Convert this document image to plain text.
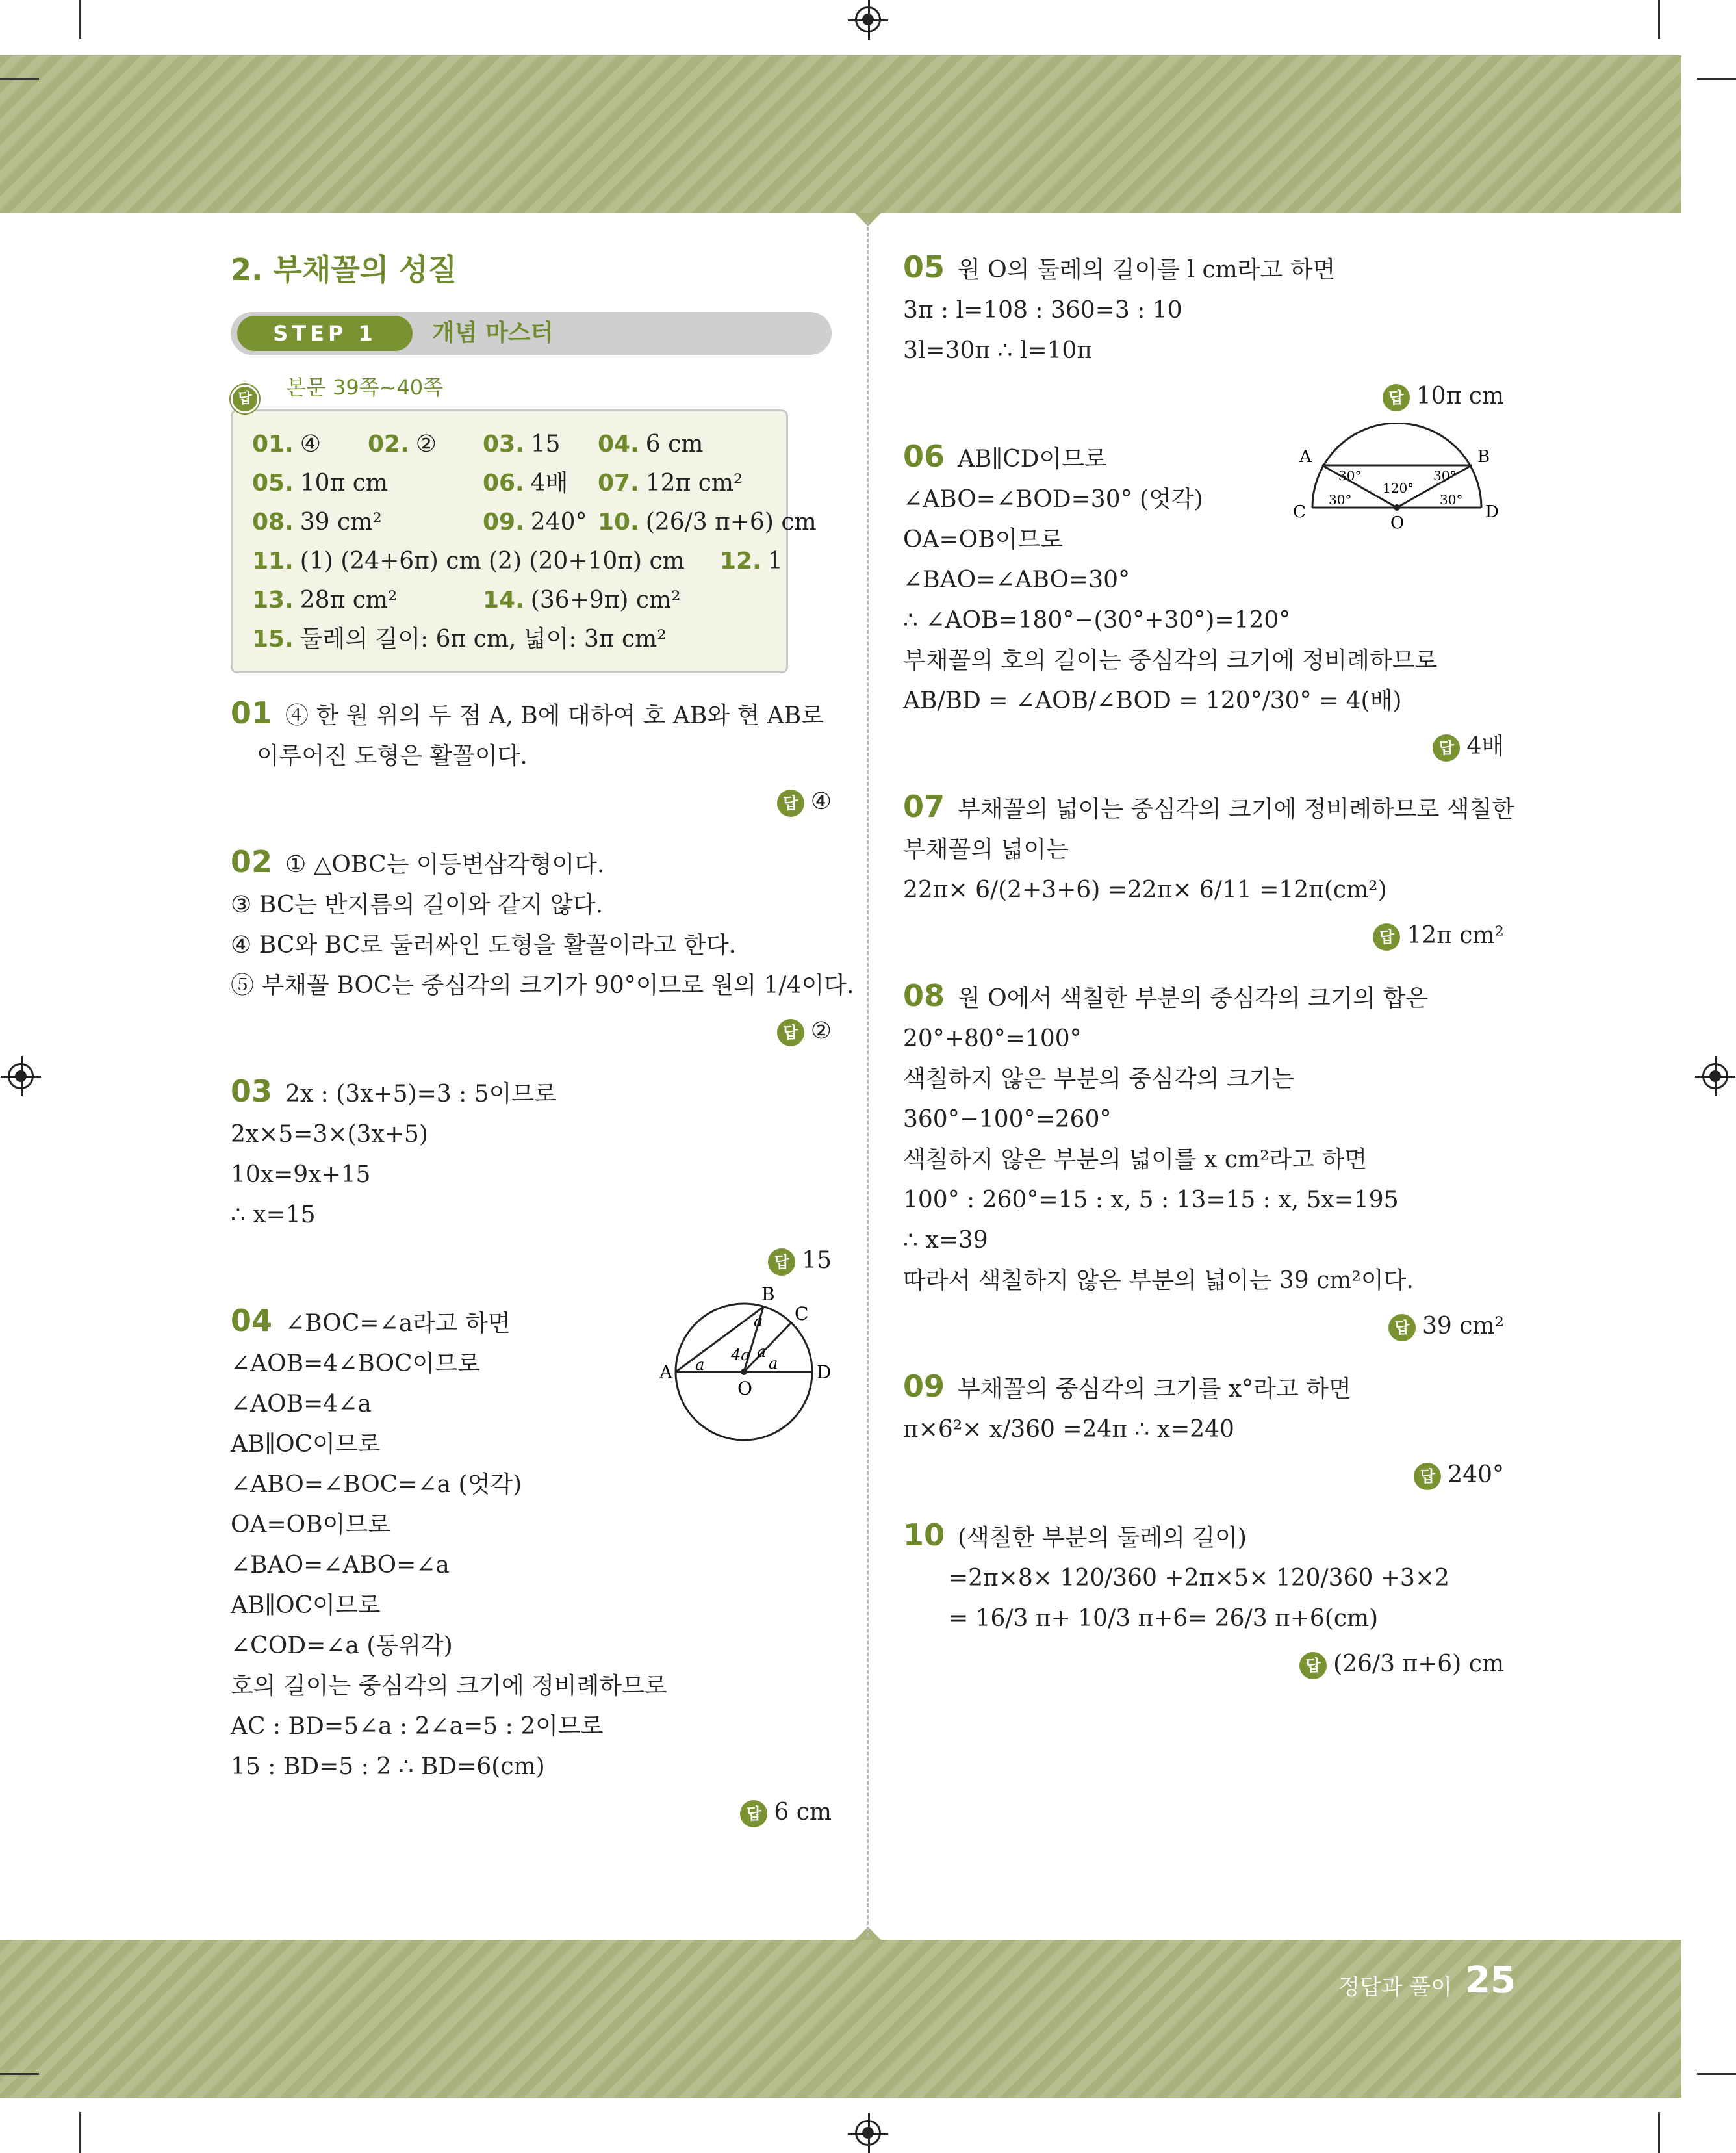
2. 부채꼴의 성질
STEP 1	개념 마스터
답	본문 39쪽~40쪽
01. ④ 02. ② 03. 15 04. 6 cm
05. 10π cm	06. 4배 07. 12π cm²
08. 39 cm²	09. 240° 10. (26/3 π+6) cm
11. (1) (24+6π) cm (2) (20+10π) cm 12. 1
13. 28π cm²	14. (36+9π) cm²
15. 둘레의 길이: 6π cm, 넓이: 3π cm²
01 ④ 한 원 위의 두 점 A, B에 대하여 호 AB와 현 AB로
이루어진 도형은 활꼴이다.
답 ④
02 ① △OBC는 이등변삼각형이다.
③ BC는 반지름의 길이와 같지 않다.
④ BC와 BC로 둘러싸인 도형을 활꼴이라고 한다.
⑤ 부채꼴 BOC는 중심각의 크기가 90°이므로 원의 1/4이다.
답 ②
03 2x : (3x+5)=3 : 5이므로
2x×5=3×(3x+5)
10x=9x+15
∴ x=15
답 15
04 ∠BOC=∠a라고 하면
∠AOB=4∠BOC이므로
∠AOB=4∠a
AB∥OC이므로
∠ABO=∠BOC=∠a (엇각)
OA=OB이므로
∠BAO=∠ABO=∠a
AB∥OC이므로
∠COD=∠a (동위각)
호의 길이는 중심각의 크기에 정비례하므로
AC : BD=5∠a : 2∠a=5 : 2이므로
15 : BD=5 : 2 ∴ BD=6(cm)
답 6 cm
A
B
C
D
O
a
a
4a a
a
05 원 O의 둘레의 길이를 l cm라고 하면
3π : l=108 : 360=3 : 10
3l=30π ∴ l=10π
답 10π cm
06 AB∥CD이므로
∠ABO=∠BOD=30° (엇각)
OA=OB이므로
∠BAO=∠ABO=30°
∴ ∠AOB=180°−(30°+30°)=120°
부채꼴의 호의 길이는 중심각의 크기에 정비례하므로
AB/BD = ∠AOB/∠BOD = 120°/30° = 4(배)
답 4배
A	B
C	D
O
30°	30°
30°	30°
120°
07 부채꼴의 넓이는 중심각의 크기에 정비례하므로 색칠한
부채꼴의 넓이는
22π× 6/(2+3+6) =22π× 6/11 =12π(cm²)
답 12π cm²
08 원 O에서 색칠한 부분의 중심각의 크기의 합은
20°+80°=100°
색칠하지 않은 부분의 중심각의 크기는
360°−100°=260°
색칠하지 않은 부분의 넓이를 x cm²라고 하면
100° : 260°=15 : x, 5 : 13=15 : x, 5x=195
∴ x=39
따라서 색칠하지 않은 부분의 넓이는 39 cm²이다.
답 39 cm²
09 부채꼴의 중심각의 크기를 x°라고 하면
π×6²× x/360 =24π ∴ x=240
답 240°
10 (색칠한 부분의 둘레의 길이)
=2π×8× 120/360 +2π×5× 120/360 +3×2
= 16/3 π+ 10/3 π+6= 26/3 π+6(cm)
답 (26/3 π+6) cm
정답과 풀이 25
